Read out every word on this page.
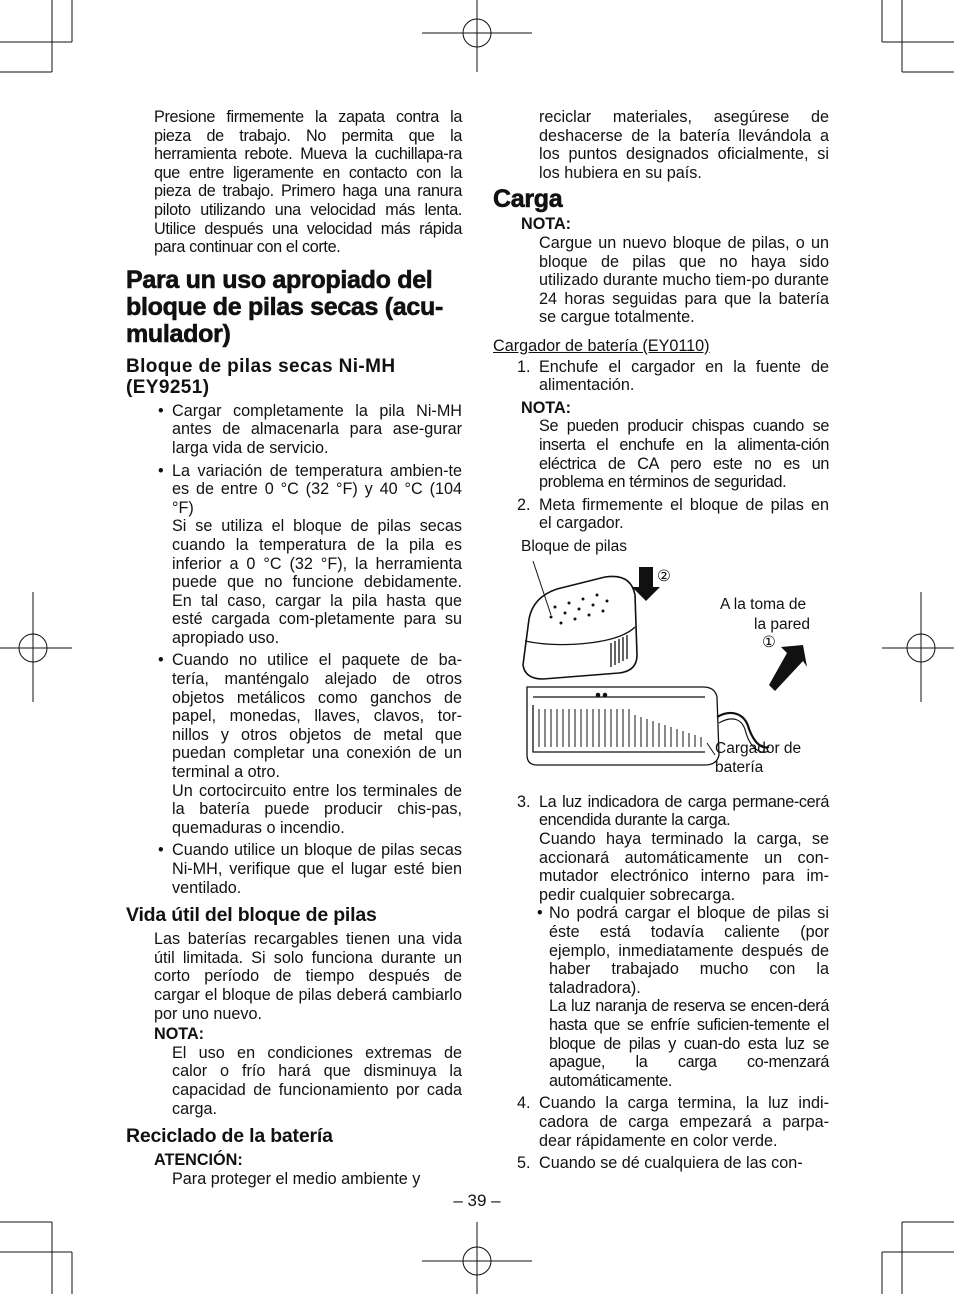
Presione firmemente la zapata contra la pieza de trabajo. No permita que la herramienta rebote. Mueva la cuchillapa-ra que entre ligeramente en contacto con la pieza de trabajo. Primero haga una ranura piloto utilizando una velocidad más lenta. Utilice después una velocidad más rápida para continuar con el corte.

Para un uso apropiado del bloque de pilas secas (acu-mulador)
Bloque de pilas secas Ni-MH (EY9251)
• Cargar completamente la pila Ni-MH antes de almacenarla para ase-gurar larga vida de servicio.

• La variación de temperatura ambien-te es de entre 0 °C (32 °F) y 40 °C (104 °F)

Si se utiliza el bloque de pilas secas cuando la temperatura de la pila es inferior a 0 °C (32 °F), la herramienta puede que no funcione debidamente. En tal caso, cargar la pila hasta que esté cargada com-pletamente para su apropiado uso.

• Cuando no utilice el paquete de ba-tería, manténgalo alejado de otros objetos metálicos como ganchos de papel, monedas, llaves, clavos, tor-nillos y otros objetos de metal que puedan completar una conexión de un terminal a otro.

Un cortocircuito entre los terminales de la batería puede producir chis-pas, quemaduras o incendio.

• Cuando utilice un bloque de pilas secas Ni-MH, verifique que el lugar esté bien ventilado.

Vida útil del bloque de pilas

Las baterías recargables tienen una vida útil limitada. Si solo funciona durante un corto período de tiempo después de cargar el bloque de pilas deberá cambiarlo por uno nuevo.

NOTA:

El uso en condiciones extremas de calor o frío hará que disminuya la capacidad de funcionamiento por cada carga.

Reciclado de la batería
ATENCIÓN:

Para proteger el medio ambiente y

reciclar materiales, asegúrese de deshacerse de la batería llevándola a los puntos designados oficialmente, si los hubiera en su país.

Carga
NOTA:

Cargue un nuevo bloque de pilas, o un bloque de pilas que no haya sido utilizado durante mucho tiem-po durante 24 horas seguidas para que la batería se cargue totalmente.

Cargador de batería (EY0110)
1. Enchufe el cargador en la fuente de alimentación.

NOTA:

Se pueden producir chispas cuando se inserta el enchufe en la alimenta-ción eléctrica de CA pero este no es un problema en términos de seguridad.

2. Meta firmemente el bloque de pilas en el cargador.

Bloque de pilas
②
A la toma de
la pared
①
Cargador de
batería
3. La luz indicadora de carga permane-cerá encendida durante la carga.

Cuando haya terminado la carga, se accionará automáticamente un con-mutador electrónico interno para im-pedir cualquier sobrecarga.

• No podrá cargar el bloque de pilas si éste está todavía caliente (por ejemplo, inmediatamente después de haber trabajado mucho con la taladradora).

La luz naranja de reserva se encen-derá hasta que se enfríe suficien-temente el bloque de pilas y cuan-do esta luz se apague, la carga co-menzará automáticamente.

4. Cuando la carga termina, la luz indi-cadora de carga empezará a parpa-dear rápidamente en color verde.

5. Cuando se dé cualquiera de las con-

– 39 –
